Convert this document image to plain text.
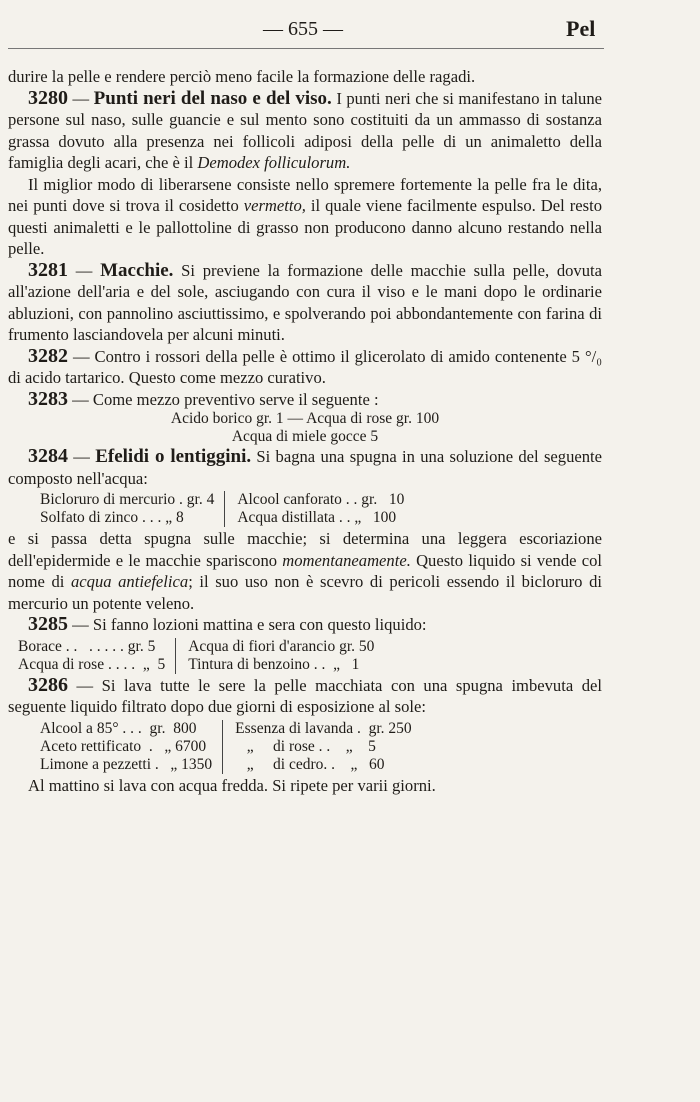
— 655 —	Pel

durire la pelle e rendere perciò meno facile la formazione delle ragadi.

3280 — Punti neri del naso e del viso. I punti neri che si manifestano in talune persone sul naso, sulle guancie e sul mento sono costituiti da un ammasso di sostanza grassa dovuto alla presenza nei follicoli adiposi della pelle di un animaletto della famiglia degli acari, che è il Demodex folliculorum.

Il miglior modo di liberarsene consiste nello spremere fortemente la pelle fra le dita, nei punti dove si trova il cosidetto vermetto, il quale viene facilmente espulso. Del resto questi animaletti e le pallottoline di grasso non producono danno alcuno restando nella pelle.

3281 — Macchie. Si previene la formazione delle macchie sulla pelle, dovuta all'azione dell'aria e del sole, asciugando con cura il viso e le mani dopo le ordinarie abluzioni, con pannolino asciuttissimo, e spolverando poi abbondantemente con farina di frumento lasciandovela per alcuni minuti.

3282 — Contro i rossori della pelle è ottimo il glicerolato di amido contenente 5 °/₀ di acido tartarico. Questo come mezzo curativo.

3283 — Come mezzo preventivo serve il seguente :

Acido borico gr. 1 — Acqua di rose gr. 100
Acqua di miele gocce 5

3284 — Efelidi o lentiggini. Si bagna una spugna in una soluzione del seguente composto nell'acqua:

Bicloruro di mercurio . gr. 4
Solfato di zinco . . . „ 8
Alcool canforato . . gr.   10
Acqua distillata . . „   100

e si passa detta spugna sulle macchie; si determina una leggera escoriazione dell'epidermide e le macchie spariscono momentaneamente. Questo liquido si vende col nome di acqua antiefelica; il suo uso non è scevro di pericoli essendo il bicloruro di mercurio un potente veleno.

3285 — Si fanno lozioni mattina e sera con questo liquido:

Borace . .   . . . . . gr. 5
Acqua di rose . . . .  „  5
Acqua di fiori d'arancio gr. 50
Tintura di benzoino . .  „   1

3286 — Si lava tutte le sere la pelle macchiata con una spugna imbevuta del seguente liquido filtrato dopo due giorni di esposizione al sole:

Alcool a 85° . . .  gr.  800
Aceto rettificato  .   „ 6700
Limone a pezzetti .   „ 1350
Essenza di lavanda .  gr. 250
„     di rose . .    „    5
„     di cedro. .    „   60

Al mattino si lava con acqua fredda. Si ripete per varii giorni.
